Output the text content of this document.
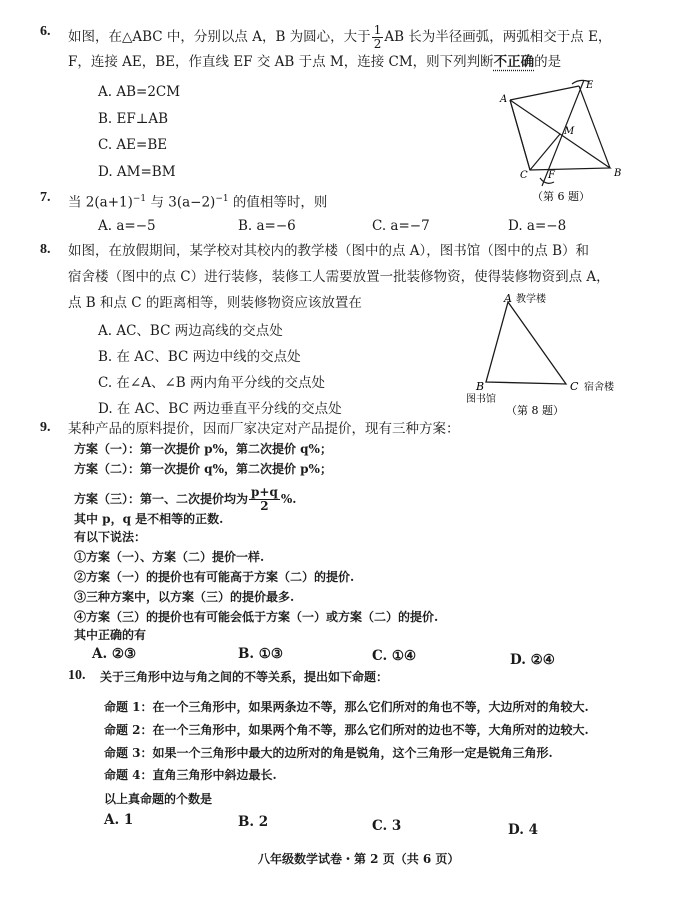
6. 如图，在△ABC 中，分别以点 A，B 为圆心，大于 $\frac{1}{2}$ AB 长为半径画弧，两弧相交于点 E，
F，连接 AE，BE，作直线 EF 交 AB 于点 M，连接 CM，则下列判断不正确的是
A. AB=2CM
B. EF⊥AB
C. AE=BE
D. AM=BM
A
E
M
C	B
F
（第 6 题）
7. 当 $2(a+1)^{-1}$ 与 $3(a-2)^{-1}$ 的值相等时，则
A. a=−5	B. a=−6	C. a=−7	D. a=−8
8. 如图，在放假期间，某学校对其校内的教学楼（图中的点 A），图书馆（图中的点 B）和
宿舍楼（图中的点 C）进行装修，装修工人需要放置一批装修物资，使得装修物资到点 A，
点 B 和点 C 的距离相等，则装修物资应该放置在
A. AC、BC 两边高线的交点处
B. 在 AC、BC 两边中线的交点处
C. 在∠A、∠B 两内角平分线的交点处
D. 在 AC、BC 两边垂直平分线的交点处
A 教学楼
B
图书馆
C 宿舍楼
（第 8 题）
9. 某种产品的原料提价，因而厂家决定对产品提价，现有三种方案：
方案（一）：第一次提价 p%，第二次提价 q%；
方案（二）：第一次提价 q%，第二次提价 p%；
方案（三）：第一、二次提价均为 $\frac{p+q}{2}$ %.
其中 p，q 是不相等的正数.
有以下说法：
①方案（一）、方案（二）提价一样.
②方案（一）的提价也有可能高于方案（二）的提价.
③三种方案中，以方案（三）的提价最多.
④方案（三）的提价也有可能会低于方案（一）或方案（二）的提价.
其中正确的有
A. ②③	B. ①③	C. ①④	D. ②④
10. 关于三角形中边与角之间的不等关系，提出如下命题：
命题 1：在一个三角形中，如果两条边不等，那么它们所对的角也不等，大边所对的角较大.
命题 2：在一个三角形中，如果两个角不等，那么它们所对的边也不等，大角所对的边较大.
命题 3：如果一个三角形中最大的边所对的角是锐角，这个三角形一定是锐角三角形.
命题 4：直角三角形中斜边最长.
以上真命题的个数是
A. 1	B. 2	C. 3	D. 4
八年级数学试卷・第 2 页（共 6 页）
